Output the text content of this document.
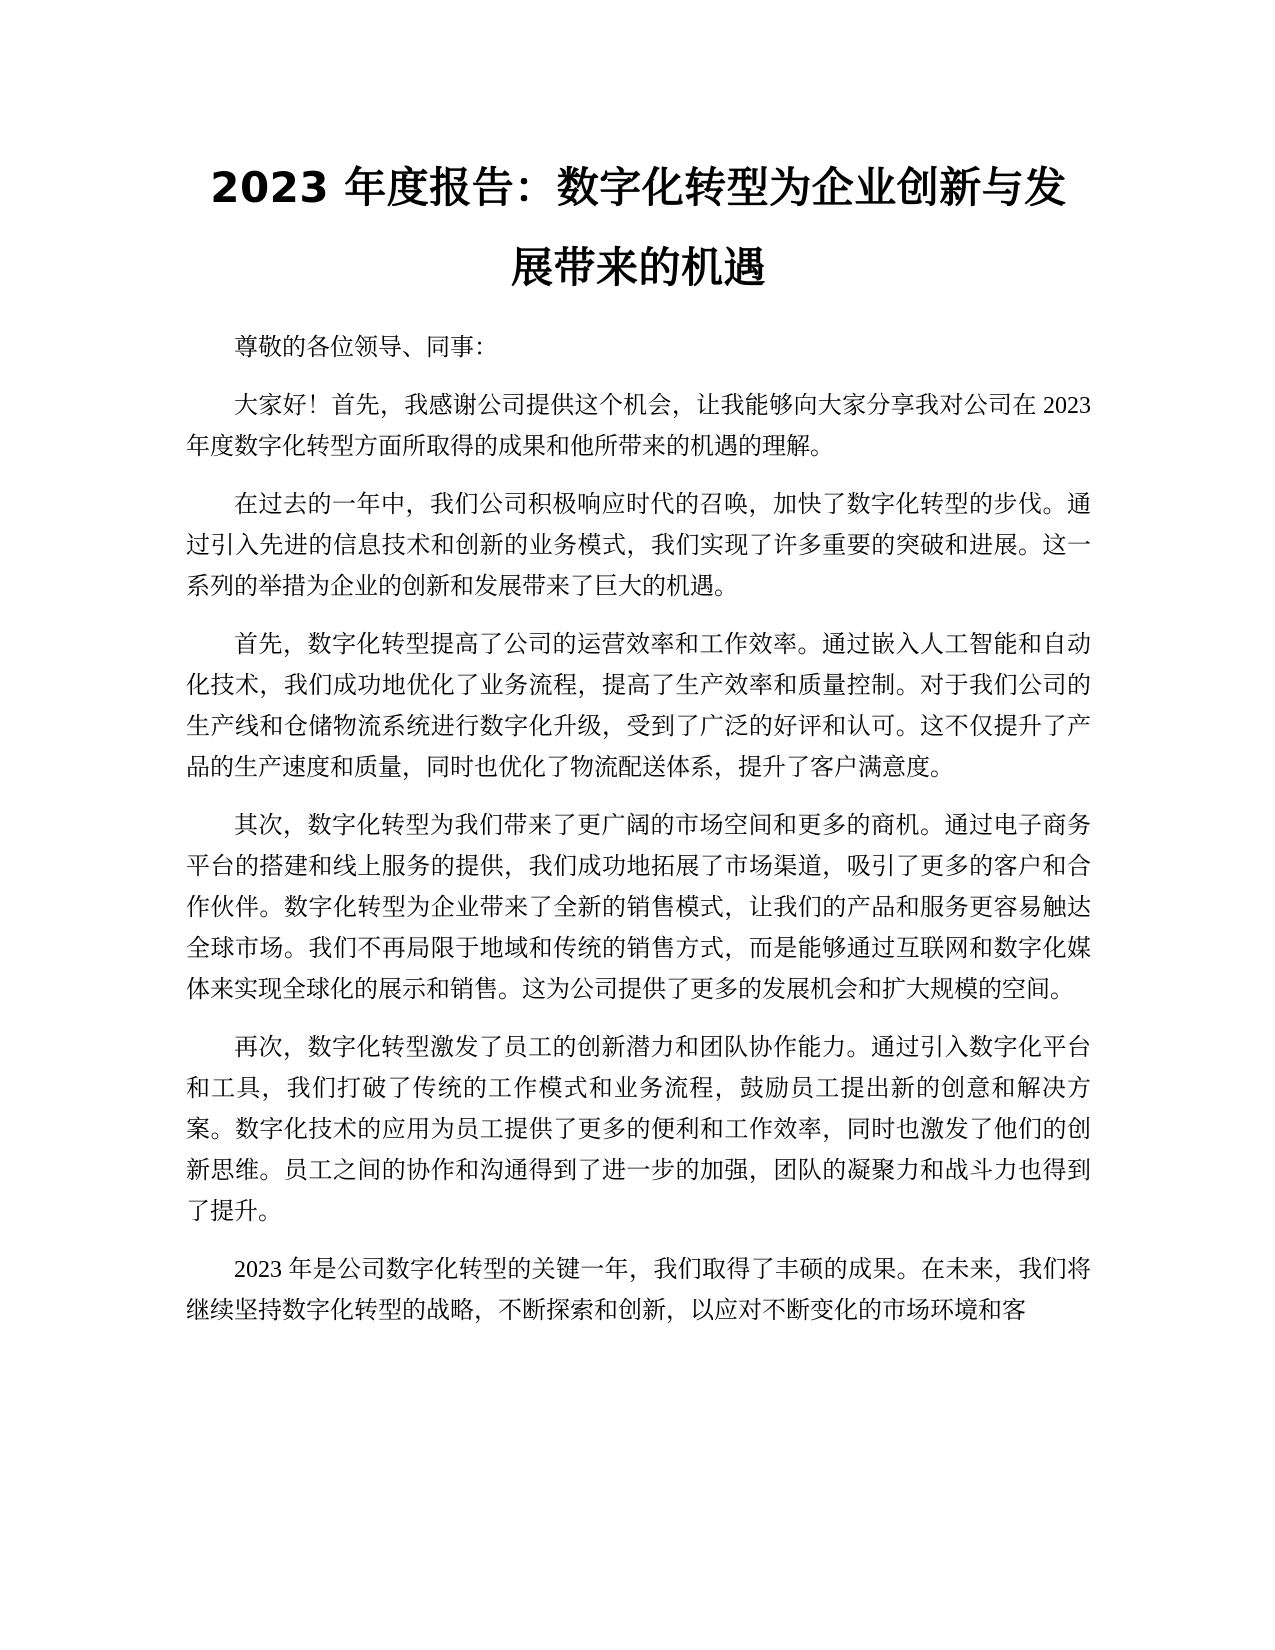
2023 年度报告：数字化转型为企业创新与发
展带来的机遇

尊敬的各位领导、同事：

大家好！首先，我感谢公司提供这个机会，让我能够向大家分享我对公司在 2023 年度数字化转型方面所取得的成果和他所带来的机遇的理解。

在过去的一年中，我们公司积极响应时代的召唤，加快了数字化转型的步伐。通过引入先进的信息技术和创新的业务模式，我们实现了许多重要的突破和进展。这一系列的举措为企业的创新和发展带来了巨大的机遇。

首先，数字化转型提高了公司的运营效率和工作效率。通过嵌入人工智能和自动化技术，我们成功地优化了业务流程，提高了生产效率和质量控制。对于我们公司的生产线和仓储物流系统进行数字化升级，受到了广泛的好评和认可。这不仅提升了产品的生产速度和质量，同时也优化了物流配送体系，提升了客户满意度。

其次，数字化转型为我们带来了更广阔的市场空间和更多的商机。通过电子商务平台的搭建和线上服务的提供，我们成功地拓展了市场渠道，吸引了更多的客户和合作伙伴。数字化转型为企业带来了全新的销售模式，让我们的产品和服务更容易触达全球市场。我们不再局限于地域和传统的销售方式，而是能够通过互联网和数字化媒体来实现全球化的展示和销售。这为公司提供了更多的发展机会和扩大规模的空间。

再次，数字化转型激发了员工的创新潜力和团队协作能力。通过引入数字化平台和工具，我们打破了传统的工作模式和业务流程，鼓励员工提出新的创意和解决方案。数字化技术的应用为员工提供了更多的便利和工作效率，同时也激发了他们的创新思维。员工之间的协作和沟通得到了进一步的加强，团队的凝聚力和战斗力也得到了提升。

2023 年是公司数字化转型的关键一年，我们取得了丰硕的成果。在未来，我们将继续坚持数字化转型的战略，不断探索和创新，以应对不断变化的市场环境和客
